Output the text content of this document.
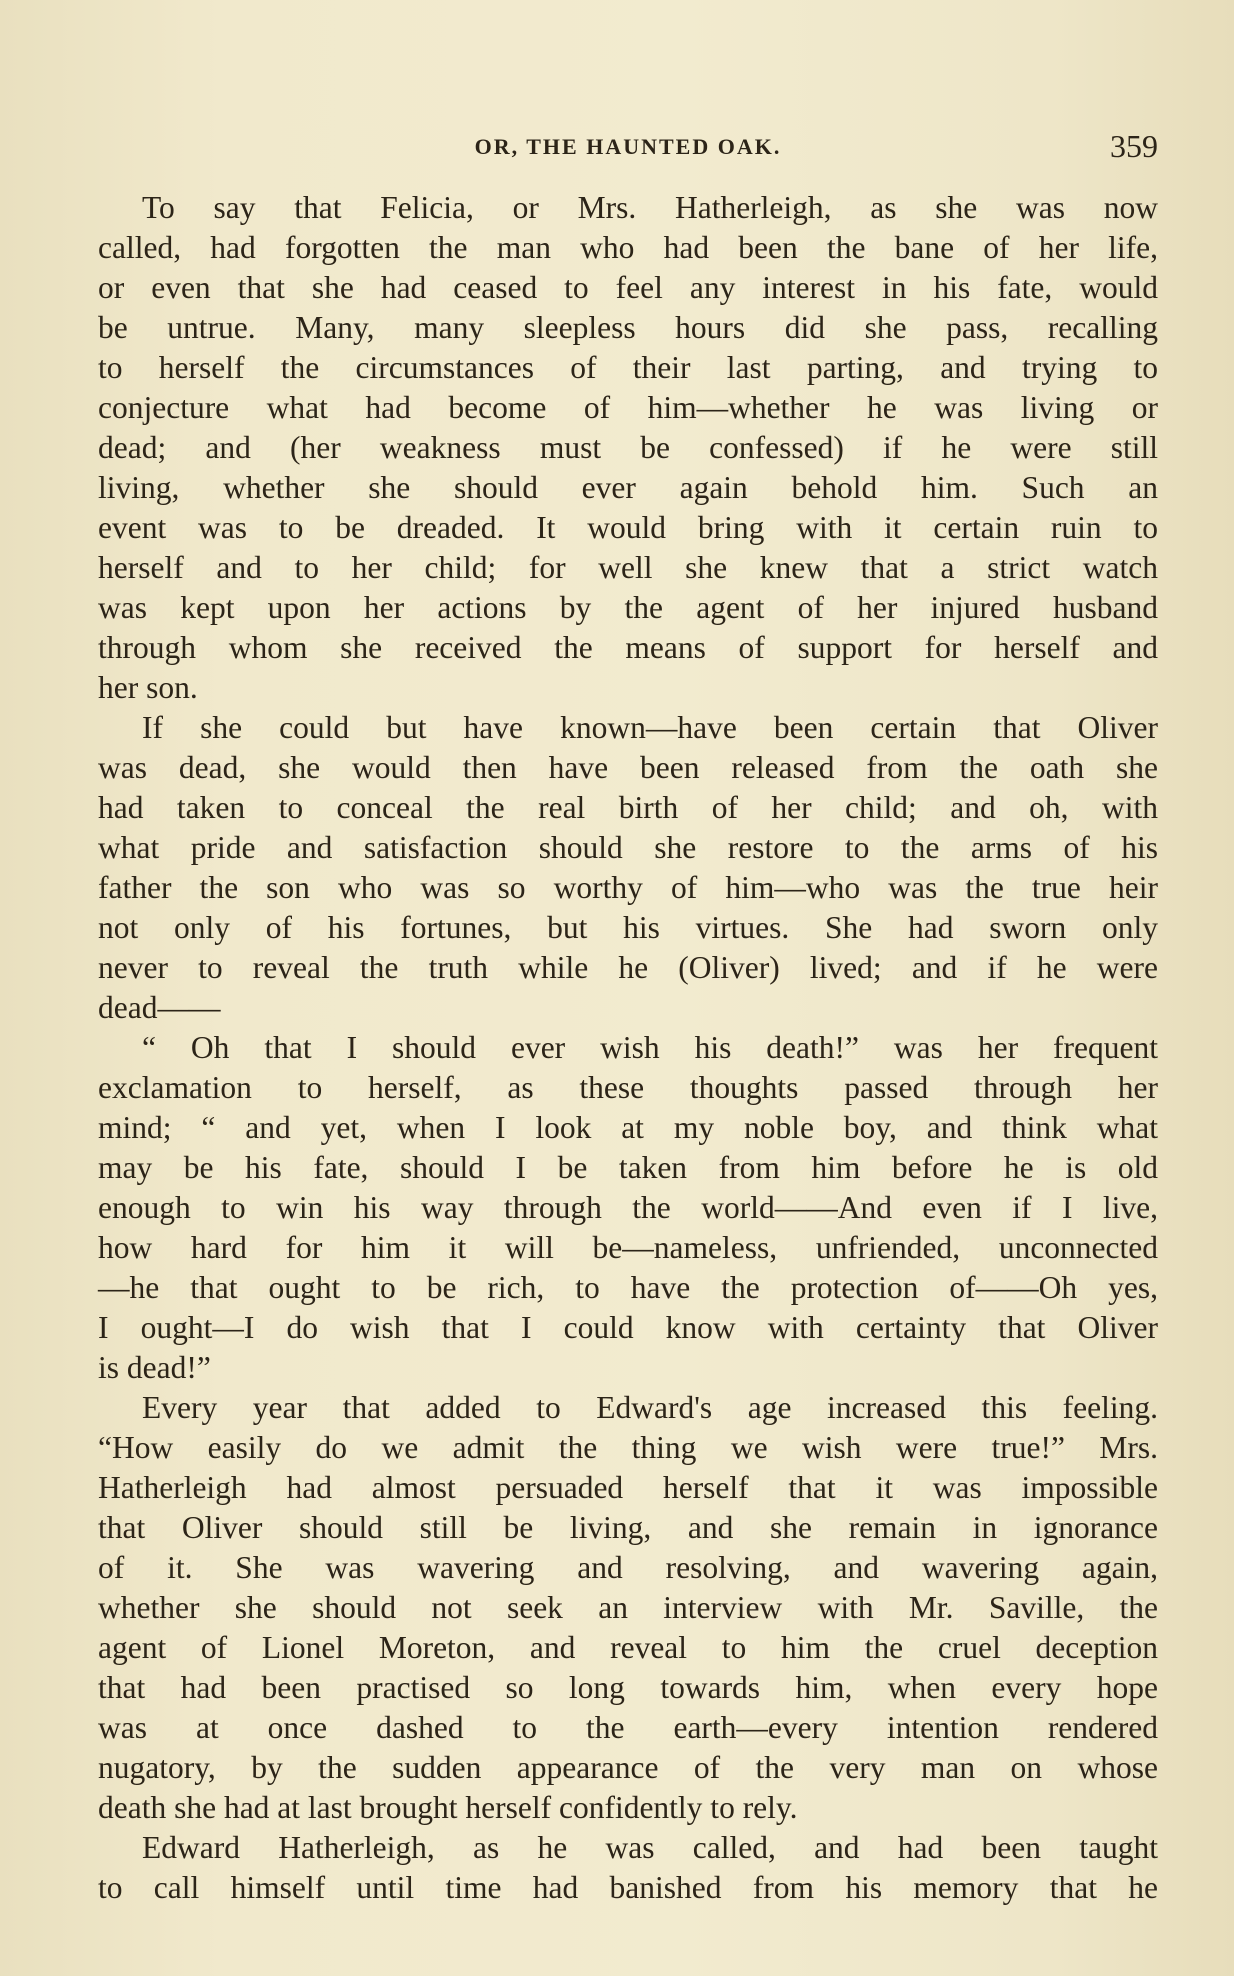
OR, THE HAUNTED OAK.	359
To say that Felicia, or Mrs. Hatherleigh, as she was now
called, had forgotten the man who had been the bane of her life,
or even that she had ceased to feel any interest in his fate, would
be untrue. Many, many sleepless hours did she pass, recalling
to herself the circumstances of their last parting, and trying to
conjecture what had become of him—whether he was living or
dead; and (her weakness must be confessed) if he were still
living, whether she should ever again behold him. Such an
event was to be dreaded. It would bring with it certain ruin to
herself and to her child; for well she knew that a strict watch
was kept upon her actions by the agent of her injured husband
through whom she received the means of support for herself and
her son.
If she could but have known—have been certain that Oliver
was dead, she would then have been released from the oath she
had taken to conceal the real birth of her child; and oh, with
what pride and satisfaction should she restore to the arms of his
father the son who was so worthy of him—who was the true heir
not only of his fortunes, but his virtues. She had sworn only
never to reveal the truth while he (Oliver) lived; and if he were
dead——
“ Oh that I should ever wish his death!” was her frequent
exclamation to herself, as these thoughts passed through her
mind; “ and yet, when I look at my noble boy, and think what
may be his fate, should I be taken from him before he is old
enough to win his way through the world——And even if I live,
how hard for him it will be—nameless, unfriended, unconnected
—he that ought to be rich, to have the protection of——Oh yes,
I ought—I do wish that I could know with certainty that Oliver
is dead!”
Every year that added to Edward's age increased this feeling.
“How easily do we admit the thing we wish were true!” Mrs.
Hatherleigh had almost persuaded herself that it was impossible
that Oliver should still be living, and she remain in ignorance
of it. She was wavering and resolving, and wavering again,
whether she should not seek an interview with Mr. Saville, the
agent of Lionel Moreton, and reveal to him the cruel deception
that had been practised so long towards him, when every hope
was at once dashed to the earth—every intention rendered
nugatory, by the sudden appearance of the very man on whose
death she had at last brought herself confidently to rely.
Edward Hatherleigh, as he was called, and had been taught
to call himself until time had banished from his memory that he
